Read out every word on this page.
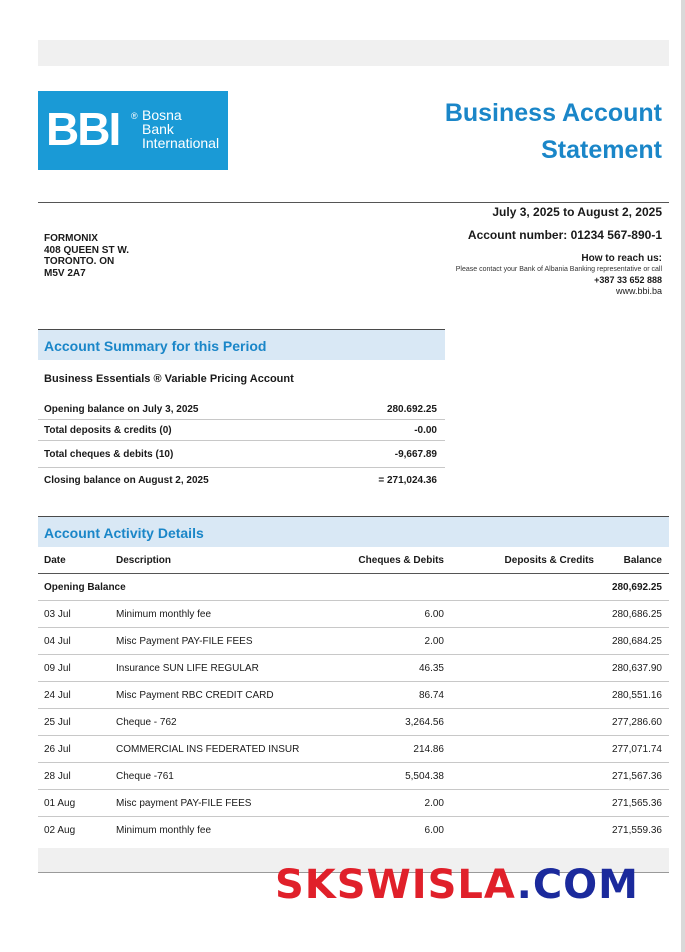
BBI ® Bosna
Bank
International
Business Account
Statement
FORMONIX
408 QUEEN ST W.
TORONTO. ON
M5V 2A7
July 3, 2025 to August 2, 2025
Account number: 01234 567-890-1
How to reach us:
Please contact your Bank of Albania Banking representative or call
+387 33 652 888
www.bbi.ba
Account Summary for this Period
Business Essentials ® Variable Pricing Account
Opening balance on July 3, 2025	280.692.25
Total deposits & credits (0)	-0.00
Total cheques & debits (10)	-9,667.89
Closing balance on August 2, 2025	= 271,024.36
Account Activity Details
Date	Description	Cheques & Debits	Deposits & Credits	Balance
Opening Balance				280,692.25
03 Jul	Minimum monthly fee	6.00		280,686.25
04 Jul	Misc Payment PAY-FILE FEES	2.00		280,684.25
09 Jul	Insurance SUN LIFE REGULAR	46.35		280,637.90
24 Jul	Misc Payment RBC CREDIT CARD	86.74		280,551.16
25 Jul	Cheque - 762	3,264.56		277,286.60
26 Jul	COMMERCIAL INS FEDERATED INSUR	214.86		277,071.74
28 Jul	Cheque -761	5,504.38		271,567.36
01 Aug	Misc payment PAY-FILE FEES	2.00		271,565.36
02 Aug	Minimum monthly fee	6.00		271,559.36
SKSWISLA.COM
